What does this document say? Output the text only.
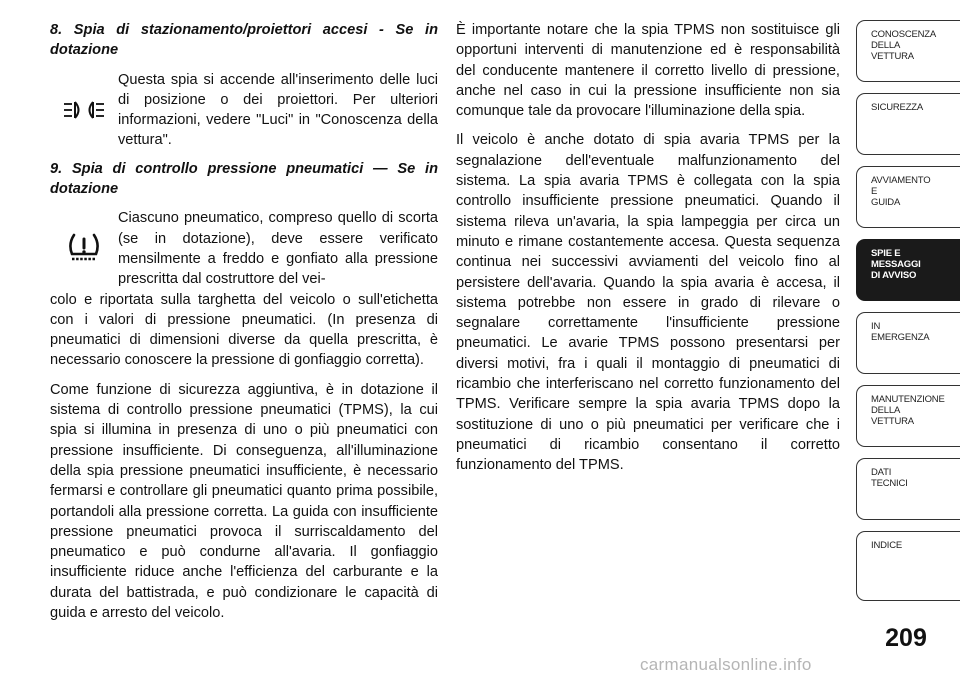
8. Spia di stazionamento/proiettori accesi - Se in dotazione

Questa spia si accende all'inserimento delle luci di posizione o dei proiettori. Per ulteriori informazioni, vedere "Luci" in "Conoscenza della vettura".

9. Spia di controllo pressione pneumatici — Se in dotazione

Ciascuno pneumatico, compreso quello di scorta (se in dotazione), deve essere verificato mensilmente a freddo e gonfiato alla pressione prescritta dal costruttore del vei-

colo e riportata sulla targhetta del veicolo o sull'etichetta con i valori di pressione pneumatici. (In presenza di pneumatici di dimensioni diverse da quella prescritta, è necessario conoscere la pressione di gonfiaggio corretta).

Come funzione di sicurezza aggiuntiva, è in dotazione il sistema di controllo pressione pneumatici (TPMS), la cui spia si illumina in presenza di uno o più pneumatici con pressione insufficiente. Di conseguenza, all'illuminazione della spia pressione pneumatici insufficiente, è necessario fermarsi e controllare gli pneumatici quanto prima possibile, portandoli alla pressione corretta. La guida con insufficiente pressione pneumatici provoca il surriscaldamento del pneumatico e può condurne all'avaria. Il gonfiaggio insufficiente riduce anche l'efficienza del carburante e la durata del battistrada, e può condizionare le capacità di guida e arresto del veicolo.

È importante notare che la spia TPMS non sostituisce gli opportuni interventi di manutenzione ed è responsabilità del conducente mantenere il corretto livello di pressione, anche nel caso in cui la pressione insufficiente non sia comunque tale da provocare l'illuminazione della spia.

Il veicolo è anche dotato di spia avaria TPMS per la segnalazione dell'eventuale malfunzionamento del sistema. La spia avaria TPMS è collegata con la spia controllo insufficiente pressione pneumatici. Quando il sistema rileva un'avaria, la spia lampeggia per circa un minuto e rimane costantemente accesa. Questa sequenza continua nei successivi avviamenti del veicolo fino al persistere dell'avaria. Quando la spia avaria è accesa, il sistema potrebbe non essere in grado di rilevare o segnalare correttamente l'insufficiente pressione pneumatici. Le avarie TPMS possono presentarsi per diversi motivi, fra i quali il montaggio di pneumatici di ricambio che interferiscano nel corretto funzionamento del TPMS. Verificare sempre la spia avaria TPMS dopo la sostituzione di uno o più pneumatici per verificare che i pneumatici di ricambio consentano il corretto funzionamento del TPMS.

CONOSCENZA
DELLA
VETTURA
SICUREZZA
AVVIAMENTO
E
GUIDA
SPIE E
MESSAGGI
DI AVVISO
IN
EMERGENZA
MANUTENZIONE
DELLA
VETTURA
DATI
TECNICI
INDICE
209
carmanualsonline.info
